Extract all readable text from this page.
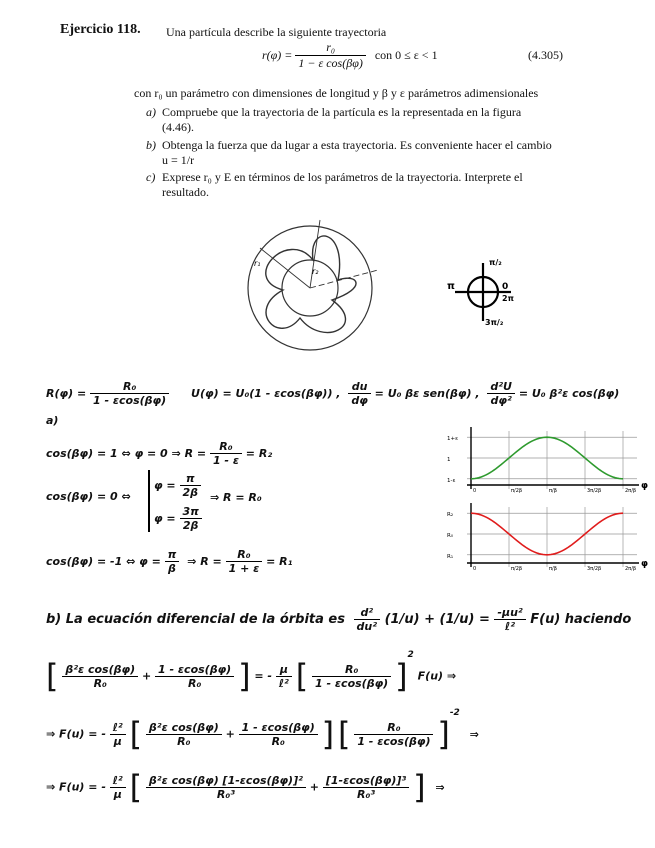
Ejercicio 118. Una partícula describe la siguiente trayectoria
$r(\varphi) = \frac{\text{r₀}}{\text{1 − ε cos(βφ)}}$ con 0 ≤ ε < 1	(4.305)
con r₀ un parámetro con dimensiones de longitud y β y ε parámetros adimensionales
a) Compruebe que la trayectoria de la partícula es la representada en la figura (4.46).
b) Obtenga la fuerza que da lugar a esta trayectoria. Es conveniente hacer el cambio u = 1/r
c) Exprese r₀ y E en términos de los parámetros de la trayectoria. Interprete el resultado.
r₁
r₂
π/₂
π	0
2π
3π/₂
$R(\varphi) = \frac{\text{R₀}}{1 - \varepsilon\cos(\beta\varphi)} U(\varphi) = U_0(1 - \varepsilon\cos(\beta\varphi))$ , $\frac{du}{d\varphi} = U_0$ βε sen(βφ) , $\frac{\text{d²U}}{\text{dφ²}} = U_0$ β²ε cos(βφ)
a)
cos(βφ) = 1 ⇔ φ = 0 ⇒ $R = \frac{\text{R₀}}{1 - \varepsilon} = R_2$
cos(βφ) = 0 ⇔
$\varphi = \frac{\pi}{2\beta}$
$\varphi = \frac{3\pi}{2\beta}$
⇒ R = R₀
cos(βφ) = -1 ⇔ $\varphi = \frac{\pi}{\beta}$ ⇒ $R = \frac{\text{R₀}}{1 + \varepsilon} = R_1$
1+ε
1
1-ε
0	π/2β	π/β	3π/2β	2π/β φ
R₂
R₀
R₁
0	π/2β	π/β	3π/2β	2π/β φ
b) La ecuación diferencial de la órbita es $\frac{\text{d²}}{\text{du²}} (1/u) + (1/u) = \frac{\text{-μu²}}{\text{ℓ²}} F(u)$ haciendo
[ $\frac{\text{β²ε cos(βφ)}}{\text{R₀}} + \frac{1 - \varepsilon\cos(\beta\varphi)}{\text{R₀}}$ ] = - $\frac{\mu}{\text{ℓ²}}$ [ $\frac{\text{R₀}}{1 - \varepsilon\cos(\beta\varphi)} ]^2$ F(u) ⇒
⇒ F(u) = - $\frac{\text{ℓ²}}{\mu}$ [ $\frac{\text{β²ε cos(βφ)}}{\text{R₀}} + \frac{1 - \varepsilon\cos(\beta\varphi)}{\text{R₀}}$ ] [ $\frac{\text{R₀}}{1 - \varepsilon\cos(\beta\varphi)} ]^{-2}$ ⇒
⇒ F(u) = - $\frac{\text{ℓ²}}{\mu}$ [ $\frac{\text{β²ε cos(βφ) [1-εcos(βφ)]²}}{\text{R₀³}} + \frac{\text{[1-εcos(βφ)]³}}{\text{R₀³}}$ ] ⇒
